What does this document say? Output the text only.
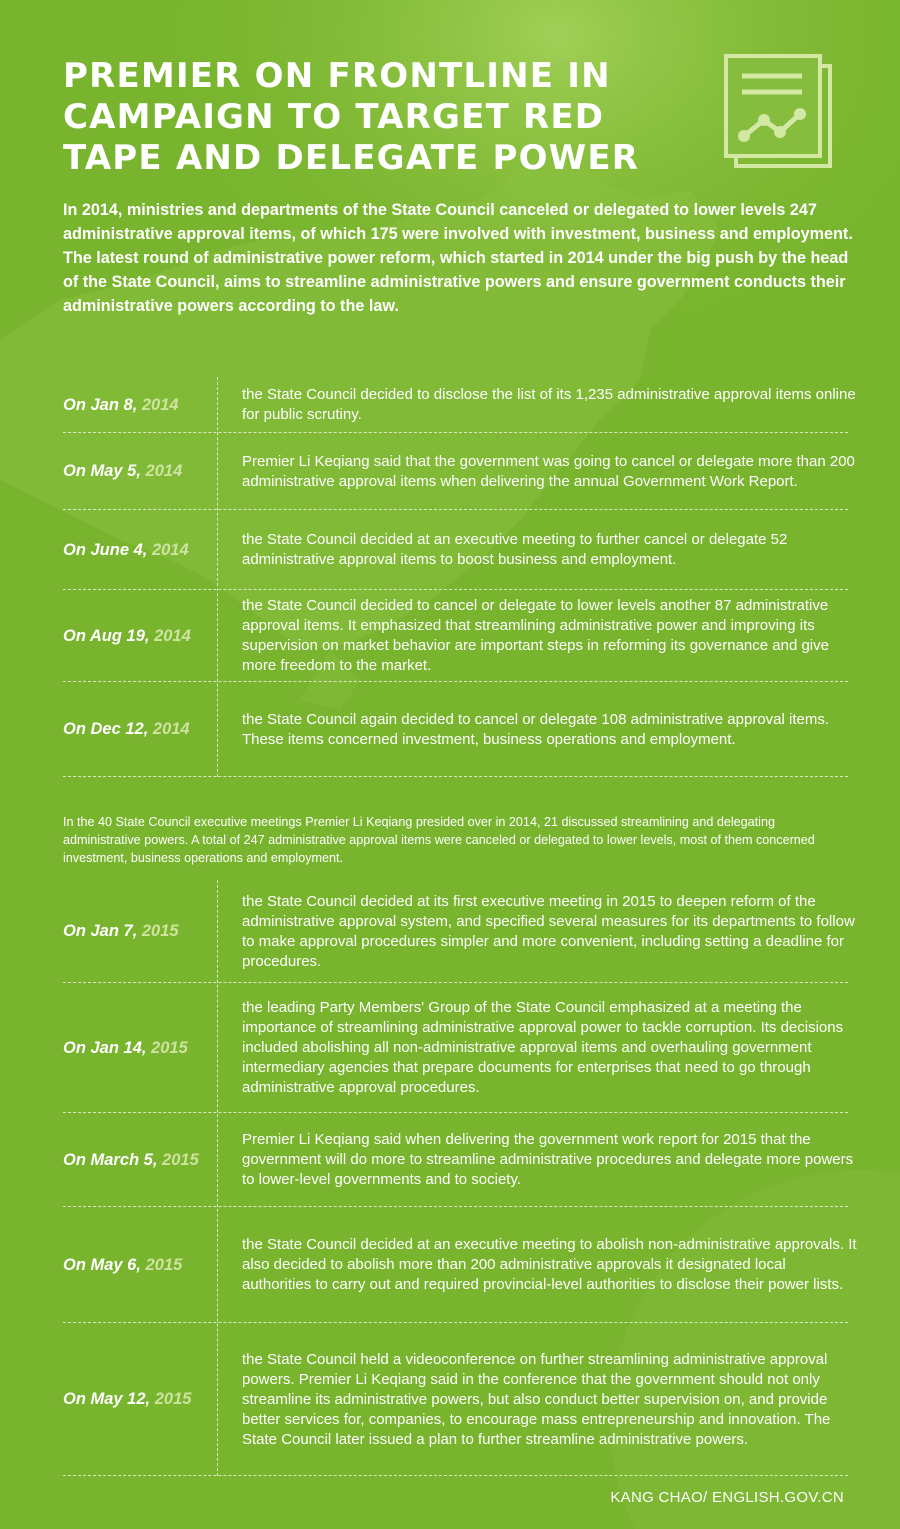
PREMIER ON FRONTLINE IN
CAMPAIGN TO TARGET RED
TAPE AND DELEGATE POWER

In 2014, ministries and departments of the State Council canceled or delegated to lower levels 247 administrative approval items, of which 175 were involved with investment, business and employment. The latest round of administrative power reform, which started in 2014 under the big push by the head of the State Council, aims to streamline administrative powers and ensure government conducts their administrative powers according to the law.

On Jan 8, 2014
the State Council decided to disclose the list of its 1,235 administrative approval items online for public scrutiny.
On May 5, 2014
Premier Li Keqiang said that the government was going to cancel or delegate more than 200 administrative approval items when delivering the annual Government Work Report.
On June 4, 2014
the State Council decided at an executive meeting to further cancel or delegate 52 administrative approval items to boost business and employment.
On Aug 19, 2014
the State Council decided to cancel or delegate to lower levels another 87 administrative approval items. It emphasized that streamlining administrative power and improving its supervision on market behavior are important steps in reforming its governance and give more freedom to the market.
On Dec 12, 2014
the State Council again decided to cancel or delegate 108 administrative approval items. These items concerned investment, business operations and employment.

In the 40 State Council executive meetings Premier Li Keqiang presided over in 2014, 21 discussed streamlining and delegating administrative powers. A total of 247 administrative approval items were canceled or delegated to lower levels, most of them concerned investment, business operations and employment.

On Jan 7, 2015
the State Council decided at its first executive meeting in 2015 to deepen reform of the administrative approval system, and specified several measures for its departments to follow to make approval procedures simpler and more convenient, including setting a deadline for procedures.
On Jan 14, 2015
the leading Party Members' Group of the State Council emphasized at a meeting the importance of streamlining administrative approval power to tackle corruption. Its decisions included abolishing all non-administrative approval items and overhauling government intermediary agencies that prepare documents for enterprises that need to go through administrative approval procedures.
On March 5, 2015
Premier Li Keqiang said when delivering the government work report for 2015 that the government will do more to streamline administrative procedures and delegate more powers to lower-level governments and to society.
On May 6, 2015
the State Council decided at an executive meeting to abolish non-administrative approvals. It also decided to abolish more than 200 administrative approvals it designated local authorities to carry out and required provincial-level authorities to disclose their power lists.
On May 12, 2015
the State Council held a videoconference on further streamlining administrative approval powers. Premier Li Keqiang said in the conference that the government should not only streamline its administrative powers, but also conduct better supervision on, and provide better services for, companies, to encourage mass entrepreneurship and innovation. The State Council later issued a plan to further streamline administrative powers.

KANG CHAO/ ENGLISH.GOV.CN
